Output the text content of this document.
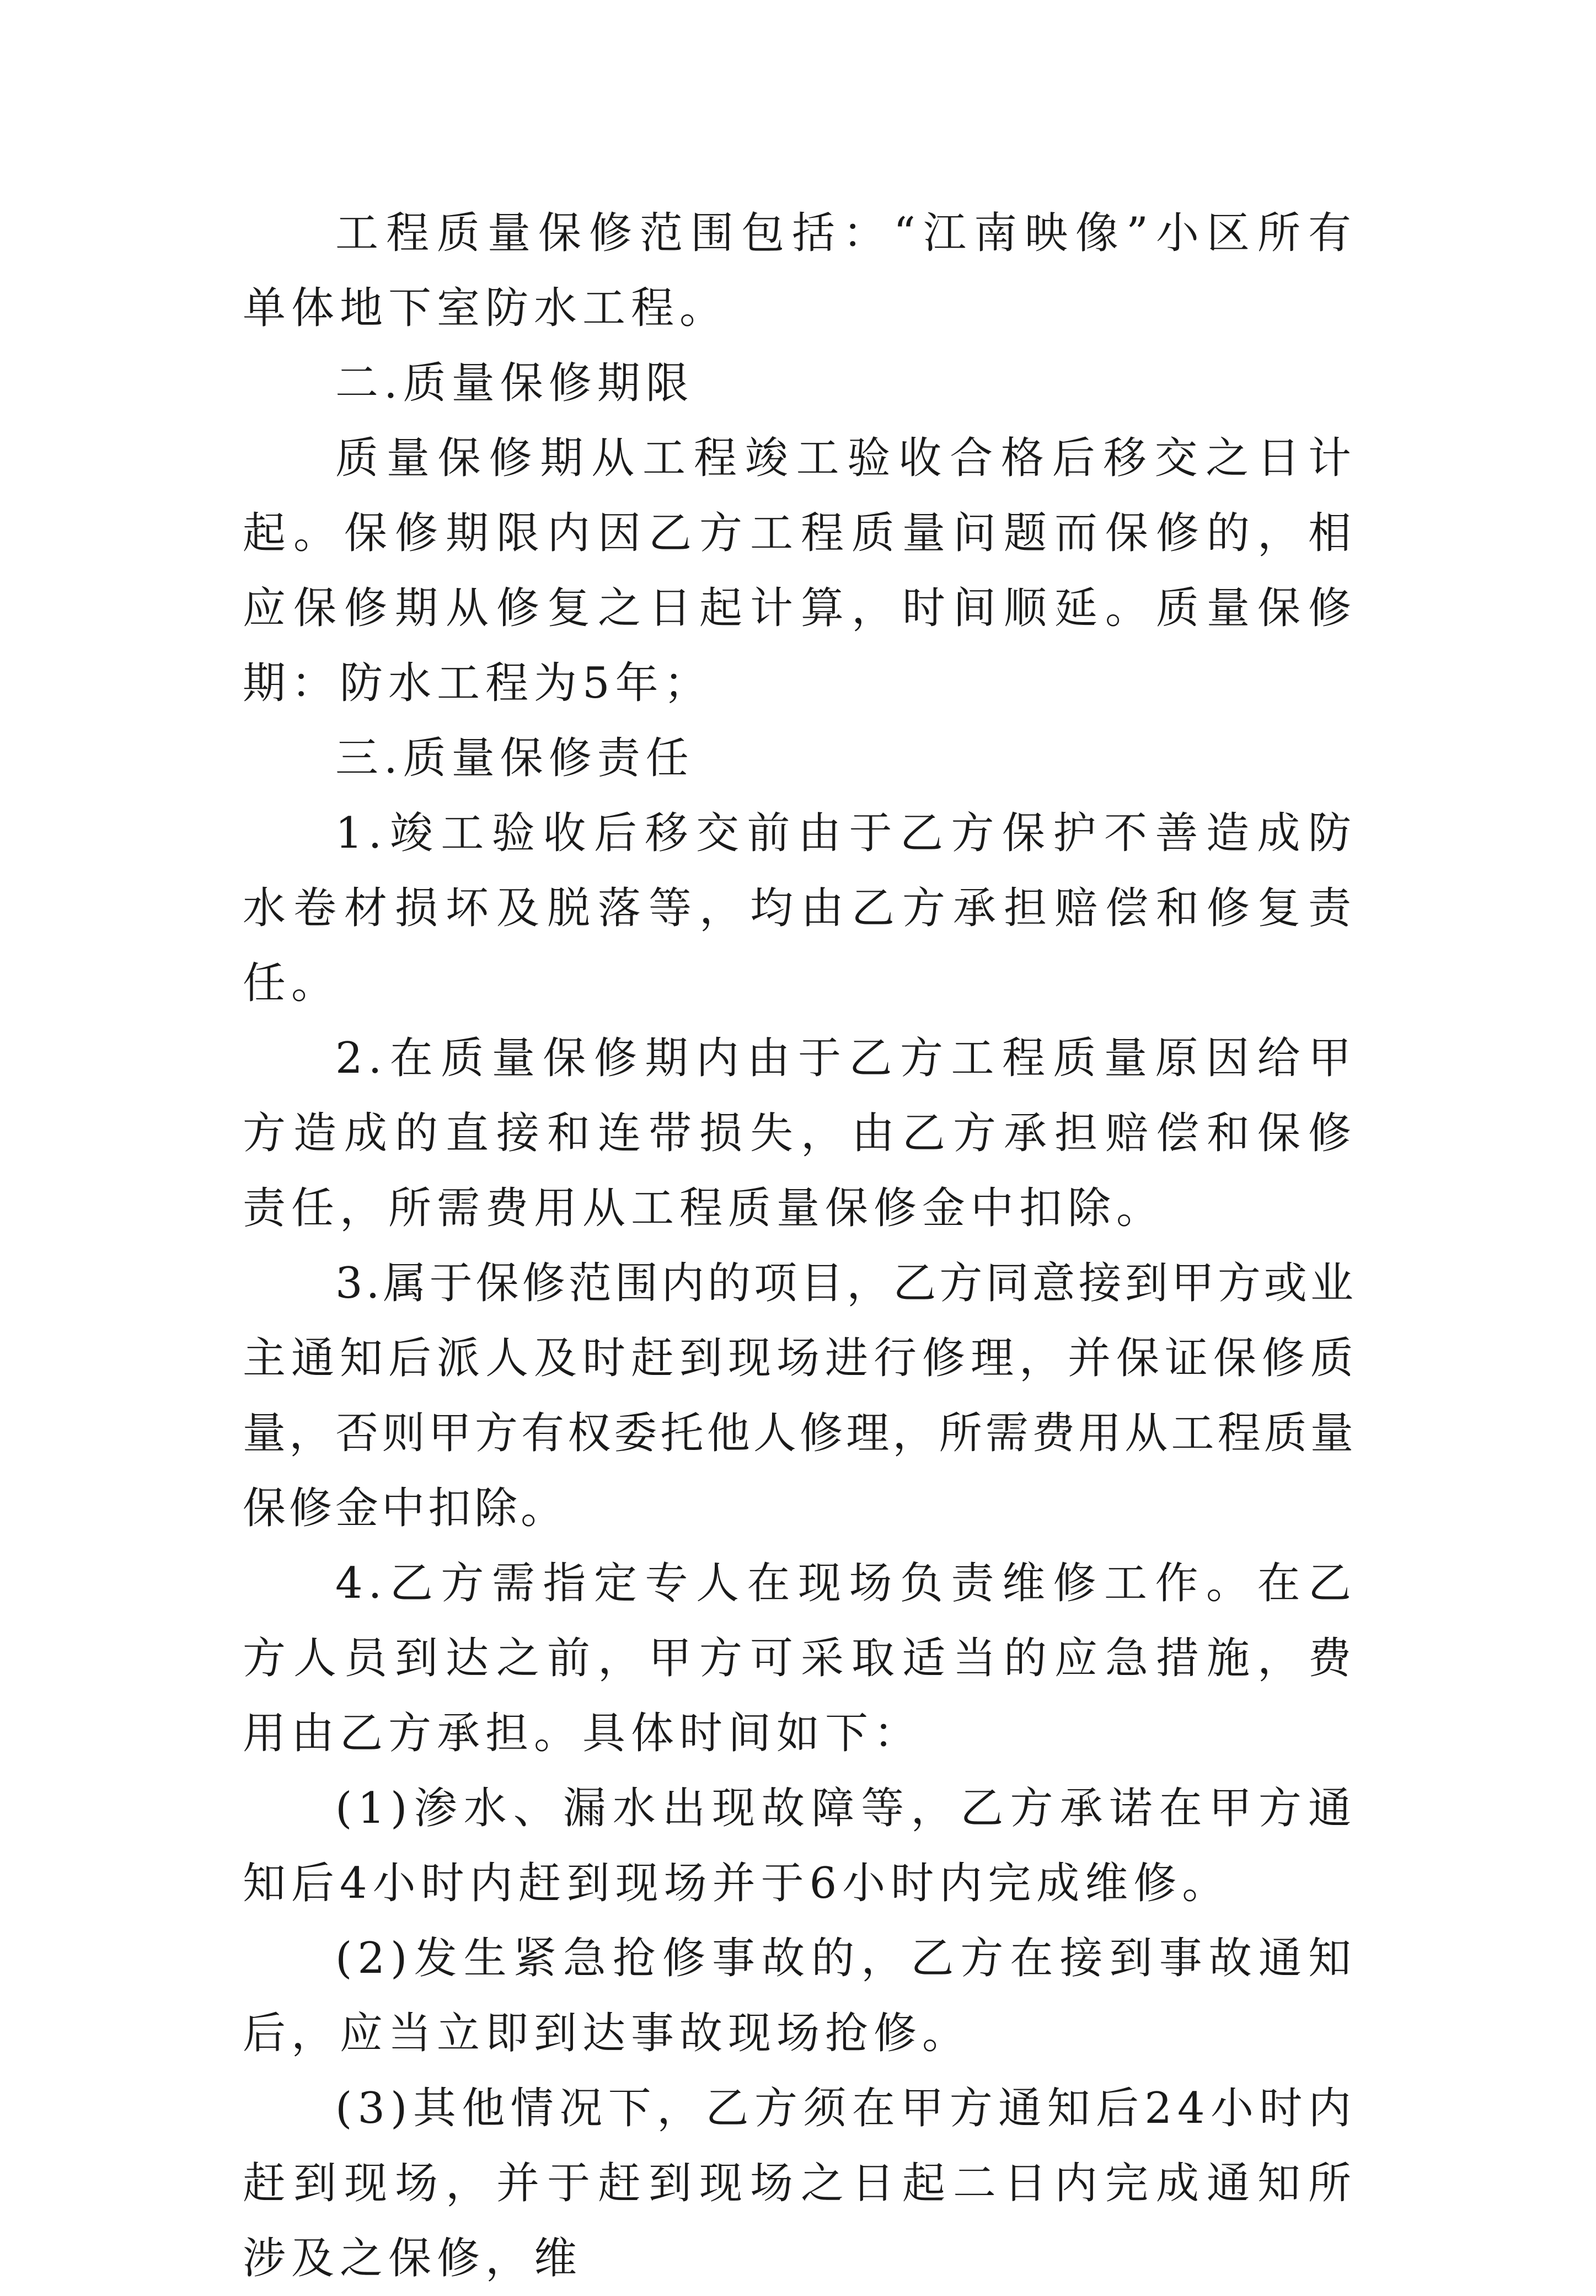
工程质量保修范围包括：“江南映像”小区所有单体地下室防水工程。

二.质量保修期限

质量保修期从工程竣工验收合格后移交之日计起。保修期限内因乙方工程质量问题而保修的，相应保修期从修复之日起计算，时间顺延。质量保修期：防水工程为5年；

三.质量保修责任

1.竣工验收后移交前由于乙方保护不善造成防水卷材损坏及脱落等，均由乙方承担赔偿和修复责任。

2.在质量保修期内由于乙方工程质量原因给甲方造成的直接和连带损失，由乙方承担赔偿和保修责任，所需费用从工程质量保修金中扣除。

3.属于保修范围内的项目，乙方同意接到甲方或业主通知后派人及时赶到现场进行修理，并保证保修质量，否则甲方有权委托他人修理，所需费用从工程质量保修金中扣除。

4.乙方需指定专人在现场负责维修工作。在乙方人员到达之前，甲方可采取适当的应急措施，费用由乙方承担。具体时间如下：

(1)渗水、漏水出现故障等，乙方承诺在甲方通知后4小时内赶到现场并于6小时内完成维修。

(2)发生紧急抢修事故的，乙方在接到事故通知后，应当立即到达事故现场抢修。

(3)其他情况下，乙方须在甲方通知后24小时内赶到现场，并于赶到现场之日起二日内完成通知所涉及之保修，维
